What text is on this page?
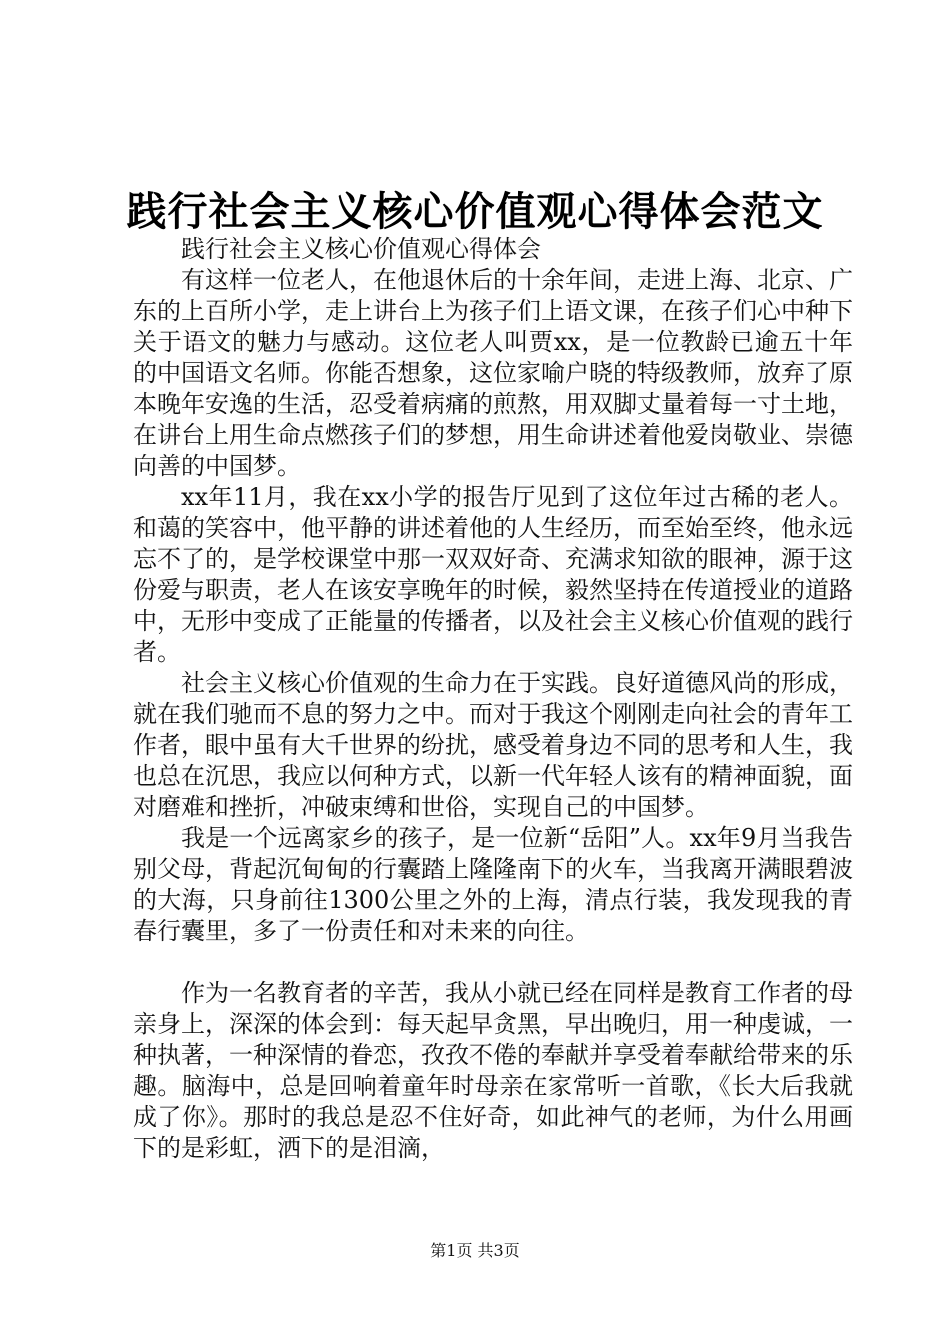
践行社会主义核心价值观心得体会范文

践行社会主义核心价值观心得体会

有这样一位老人，在他退休后的十余年间，走进上海、北京、广东的上百所小学，走上讲台上为孩子们上语文课，在孩子们心中种下关于语文的魅力与感动。这位老人叫贾xx，是一位教龄已逾五十年的中国语文名师。你能否想象，这位家喻户晓的特级教师，放弃了原本晚年安逸的生活，忍受着病痛的煎熬，用双脚丈量着每一寸土地，在讲台上用生命点燃孩子们的梦想，用生命讲述着他爱岗敬业、崇德向善的中国梦。

xx年11月，我在xx小学的报告厅见到了这位年过古稀的老人。和蔼的笑容中，他平静的讲述着他的人生经历，而至始至终，他永远忘不了的，是学校课堂中那一双双好奇、充满求知欲的眼神，源于这份爱与职责，老人在该安享晚年的时候，毅然坚持在传道授业的道路中，无形中变成了正能量的传播者，以及社会主义核心价值观的践行者。

社会主义核心价值观的生命力在于实践。良好道德风尚的形成，就在我们驰而不息的努力之中。而对于我这个刚刚走向社会的青年工作者，眼中虽有大千世界的纷扰，感受着身边不同的思考和人生，我也总在沉思，我应以何种方式，以新一代年轻人该有的精神面貌，面对磨难和挫折，冲破束缚和世俗，实现自己的中国梦。

我是一个远离家乡的孩子，是一位新“岳阳”人。xx年9月当我告别父母，背起沉甸甸的行囊踏上隆隆南下的火车，当我离开满眼碧波的大海，只身前往1300公里之外的上海，清点行装，我发现我的青春行囊里，多了一份责任和对未来的向往。

作为一名教育者的辛苦，我从小就已经在同样是教育工作者的母亲身上，深深的体会到：每天起早贪黑，早出晚归，用一种虔诚，一种执著，一种深情的眷恋，孜孜不倦的奉献并享受着奉献给带来的乐趣。脑海中，总是回响着童年时母亲在家常听一首歌，《长大后我就成了你》。那时的我总是忍不住好奇，如此神气的老师，为什么用画下的是彩虹，洒下的是泪滴，

第1页 共3页
